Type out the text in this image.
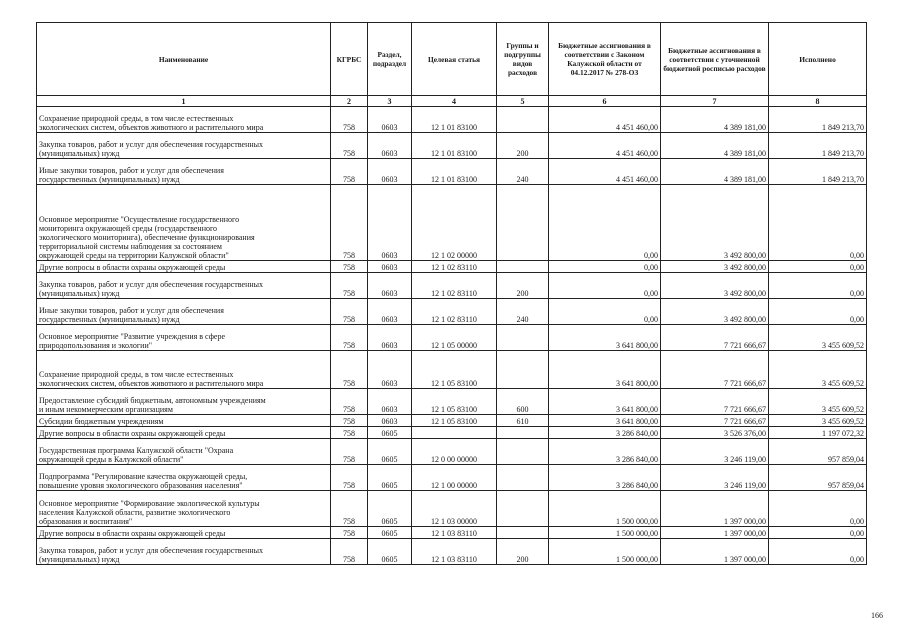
Наименование	КГРБС	Раздел, подраздел	Целевая статья	Группы и подгруппы видов расходов	Бюджетные ассигнования в соответствии с Законом Калужской области от 04.12.2017 № 278-ОЗ	Бюджетные ассигнования в соответствии с уточненной бюджетной росписью расходов	Исполнено
1	2	3	4	5	6	7	8
Сохранение природной среды, в том числе естественных
экологических систем, объектов животного и растительного мира	758	0603	12 1 01 83100		4 451 460,00	4 389 181,00	1 849 213,70
Закупка товаров, работ и услуг для обеспечения государственных
(муниципальных) нужд	758	0603	12 1 01 83100	200	4 451 460,00	4 389 181,00	1 849 213,70
Иные закупки товаров, работ и услуг для обеспечения
государственных (муниципальных) нужд	758	0603	12 1 01 83100	240	4 451 460,00	4 389 181,00	1 849 213,70
Основное мероприятие "Осуществление государственного
мониторинга окружающей среды (государственного
экологического мониторинга), обеспечение функционирования
территориальной системы наблюдения за состоянием
окружающей среды на территории Калужской области"	758	0603	12 1 02 00000		0,00	3 492 800,00	0,00
Другие вопросы в области охраны окружающей среды	758	0603	12 1 02 83110		0,00	3 492 800,00	0,00
Закупка товаров, работ и услуг для обеспечения государственных
(муниципальных) нужд	758	0603	12 1 02 83110	200	0,00	3 492 800,00	0,00
Иные закупки товаров, работ и услуг для обеспечения
государственных (муниципальных) нужд	758	0603	12 1 02 83110	240	0,00	3 492 800,00	0,00
Основное мероприятие "Развитие учреждения в сфере
природопользования и экологии"	758	0603	12 1 05 00000		3 641 800,00	7 721 666,67	3 455 609,52
Сохранение природной среды, в том числе естественных
экологических систем, объектов животного и растительного мира	758	0603	12 1 05 83100		3 641 800,00	7 721 666,67	3 455 609,52
Предоставление субсидий бюджетным, автономным учреждениям
и иным некоммерческим организациям	758	0603	12 1 05 83100	600	3 641 800,00	7 721 666,67	3 455 609,52
Субсидии бюджетным учреждениям	758	0603	12 1 05 83100	610	3 641 800,00	7 721 666,67	3 455 609,52
Другие вопросы в области охраны окружающей среды	758	0605			3 286 840,00	3 526 376,00	1 197 072,32
Государственная программа Калужской области "Охрана
окружающей среды в Калужской области"	758	0605	12 0 00 00000		3 286 840,00	3 246 119,00	957 859,04
Подпрограмма "Регулирование качества окружающей среды,
повышение уровня экологического образования населения"	758	0605	12 1 00 00000		3 286 840,00	3 246 119,00	957 859,04
Основное мероприятие "Формирование экологической культуры
населения Калужской области, развитие экологического
образования и воспитания"	758	0605	12 1 03 00000		1 500 000,00	1 397 000,00	0,00
Другие вопросы в области охраны окружающей среды	758	0605	12 1 03 83110		1 500 000,00	1 397 000,00	0,00
Закупка товаров, работ и услуг для обеспечения государственных
(муниципальных) нужд	758	0605	12 1 03 83110	200	1 500 000,00	1 397 000,00	0,00
166
